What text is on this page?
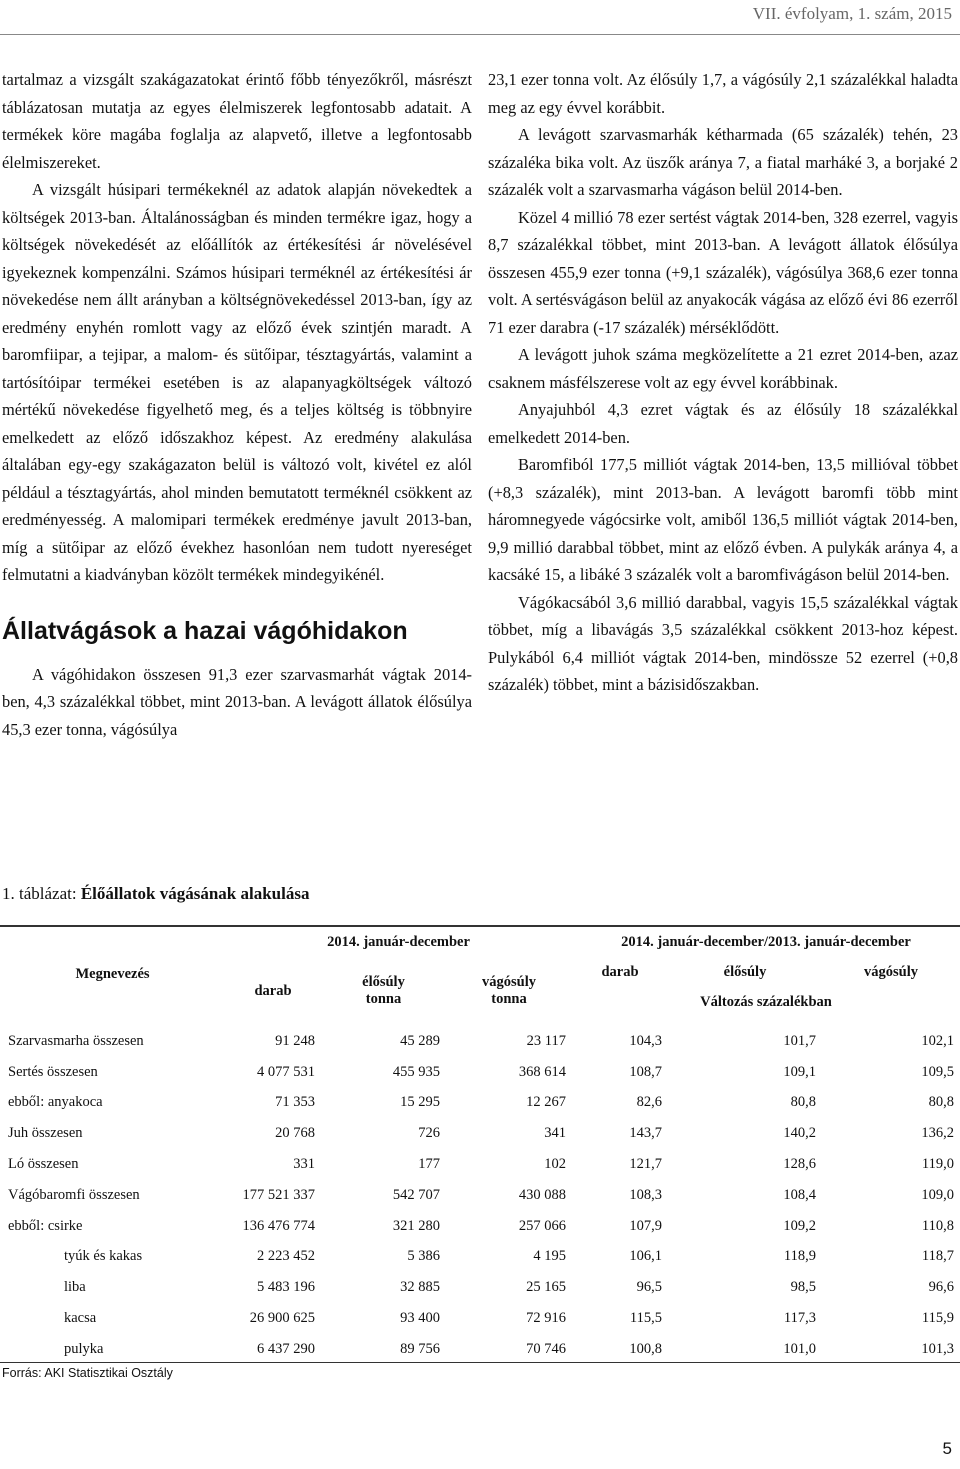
VII. évfolyam, 1. szám, 2015

tartalmaz a vizsgált szakágazatokat érintő főbb tényezőkről, másrészt táblázatosan mutatja az egyes élelmiszerek legfontosabb adatait. A termékek köre magába foglalja az alapvető, illetve a legfontosabb élelmiszereket.

A vizsgált húsipari termékeknél az adatok alapján növekedtek a költségek 2013-ban. Általánosságban és minden termékre igaz, hogy a költségek növekedését az előállítók az értékesítési ár növelésével igyekeznek kompenzálni. Számos húsipari terméknél az értékesítési ár növekedése nem állt arányban a költségnövekedéssel 2013-ban, így az eredmény enyhén romlott vagy az előző évek szintjén maradt. A baromfiipar, a tejipar, a malom- és sütőipar, tésztagyártás, valamint a tartósítóipar termékei esetében is az alapanyagköltségek változó mértékű növekedése figyelhető meg, és a teljes költség is többnyire emelkedett az előző időszakhoz képest. Az eredmény alakulása általában egy-egy szakágazaton belül is változó volt, kivétel ez alól például a tésztagyártás, ahol minden bemutatott terméknél csökkent az eredményesség. A malomipari termékek eredménye javult 2013-ban, míg a sütőipar az előző évekhez hasonlóan nem tudott nyereséget felmutatni a kiadványban közölt termékek mindegyikénél.

Állatvágások a hazai vágóhidakon

A vágóhidakon összesen 91,3 ezer szarvasmarhát vágtak 2014-ben, 4,3 százalékkal többet, mint 2013-ban. A levágott állatok élősúlya 45,3 ezer tonna, vágósúlya

23,1 ezer tonna volt. Az élősúly 1,7, a vágósúly 2,1 százalékkal haladta meg az egy évvel korábbit.

A levágott szarvasmarhák kétharmada (65 százalék) tehén, 23 százaléka bika volt. Az üszők aránya 7, a fiatal marháké 3, a borjaké 2 százalék volt a szarvasmarha vágáson belül 2014-ben.

Közel 4 millió 78 ezer sertést vágtak 2014-ben, 328 ezerrel, vagyis 8,7 százalékkal többet, mint 2013-ban. A levágott állatok élősúlya összesen 455,9 ezer tonna (+9,1 százalék), vágósúlya 368,6 ezer tonna volt. A sertésvágáson belül az anyakocák vágása az előző évi 86 ezerről 71 ezer darabra (-17 százalék) mérséklődött.

A levágott juhok száma megközelítette a 21 ezret 2014-ben, azaz csaknem másfélszerese volt az egy évvel korábbinak.

Anyajuhból 4,3 ezret vágtak és az élősúly 18 százalékkal emelkedett 2014-ben.

Baromfiból 177,5 milliót vágtak 2014-ben, 13,5 millióval többet (+8,3 százalék), mint 2013-ban. A levágott baromfi több mint háromnegyede vágócsirke volt, amiből 136,5 milliót vágtak 2014-ben, 9,9 millió darabbal többet, mint az előző évben. A pulykák aránya 4, a kacsáké 15, a libáké 3 százalék volt a baromfivágáson belül 2014-ben.

Vágókacsából 3,6 millió darabbal, vagyis 15,5 százalékkal vágtak többet, míg a libavágás 3,5 százalékkal csökkent 2013-hoz képest. Pulykából 6,4 milliót vágtak 2014-ben, mindössze 52 ezerrel (+0,8 százalék) többet, mint a bázisidőszakban.

1. táblázat: Élőállatok vágásának alakulása
Megnevezés	2014. január-december			2014. január-december/2013. január-december		
	darab	élősúly
tonna	vágósúly
tonna	darab	élősúly	vágósúly

				Változás százalékban		

Szarvasmarha összesen	91 248	45 289	23 117	104,3	101,7	102,1
Sertés összesen	4 077 531	455 935	368 614	108,7	109,1	109,5
ebből: anyakoca	71 353	15 295	12 267	82,6	80,8	80,8
Juh összesen	20 768	726	341	143,7	140,2	136,2
Ló összesen	331	177	102	121,7	128,6	119,0
Vágóbaromfi összesen	177 521 337	542 707	430 088	108,3	108,4	109,0
ebből: csirke	136 476 774	321 280	257 066	107,9	109,2	110,8
tyúk és kakas	2 223 452	5 386	4 195	106,1	118,9	118,7
liba	5 483 196	32 885	25 165	96,5	98,5	96,6
kacsa	26 900 625	93 400	72 916	115,5	117,3	115,9
pulyka	6 437 290	89 756	70 746	100,8	101,0	101,3
Forrás: AKI Statisztikai Osztály
5
